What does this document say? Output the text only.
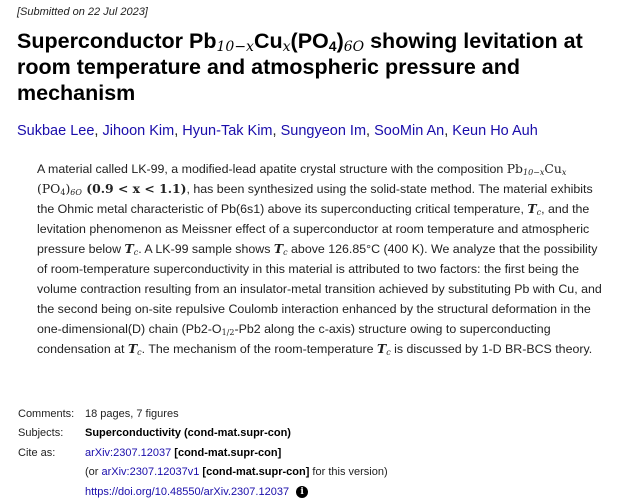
[Submitted on 22 Jul 2023]
Superconductor $Pb_{10-x}Cu_x(PO_4)_{6O}$ showing levitation at room temperature and atmospheric pressure and mechanism
Sukbae Lee, Jihoon Kim, Hyun-Tak Kim, Sungyeon Im, SooMin An, Keun Ho Auh

A material called LK-99, a modified-lead apatite crystal structure with the composition $Pb_{10-x}Cu_x$ $(PO_4)_{6O}$ (0.9 < x < 1.1), has been synthesized using the solid-state method. The material exhibits the Ohmic metal characteristic of Pb(6s1) above its superconducting critical temperature, $T_c$, and the levitation phenomenon as Meissner effect of a superconductor at room temperature and atmospheric pressure below $T_c$. A LK-99 sample shows $T_c$ above 126.85°C (400 K). We analyze that the possibility of room-temperature superconductivity in this material is attributed to two factors: the first being the volume contraction resulting from an insulator-metal transition achieved by substituting Pb with Cu, and the second being on-site repulsive Coulomb interaction enhanced by the structural deformation in the one-dimensional(D) chain ($Pb2-O_{1/2}-Pb2$ along the c-axis) structure owing to superconducting condensation at $T_c$. The mechanism of the room-temperature $T_c$ is discussed by 1-D BR-BCS theory.

Comments: 18 pages, 7 figures
Subjects:	Superconductivity (cond-mat.supr-con)
Cite as:	arXiv:2307.12037 [cond-mat.supr-con]
(or arXiv:2307.12037v1 [cond-mat.supr-con] for this version)
https://doi.org/10.48550/arXiv.2307.12037 i
